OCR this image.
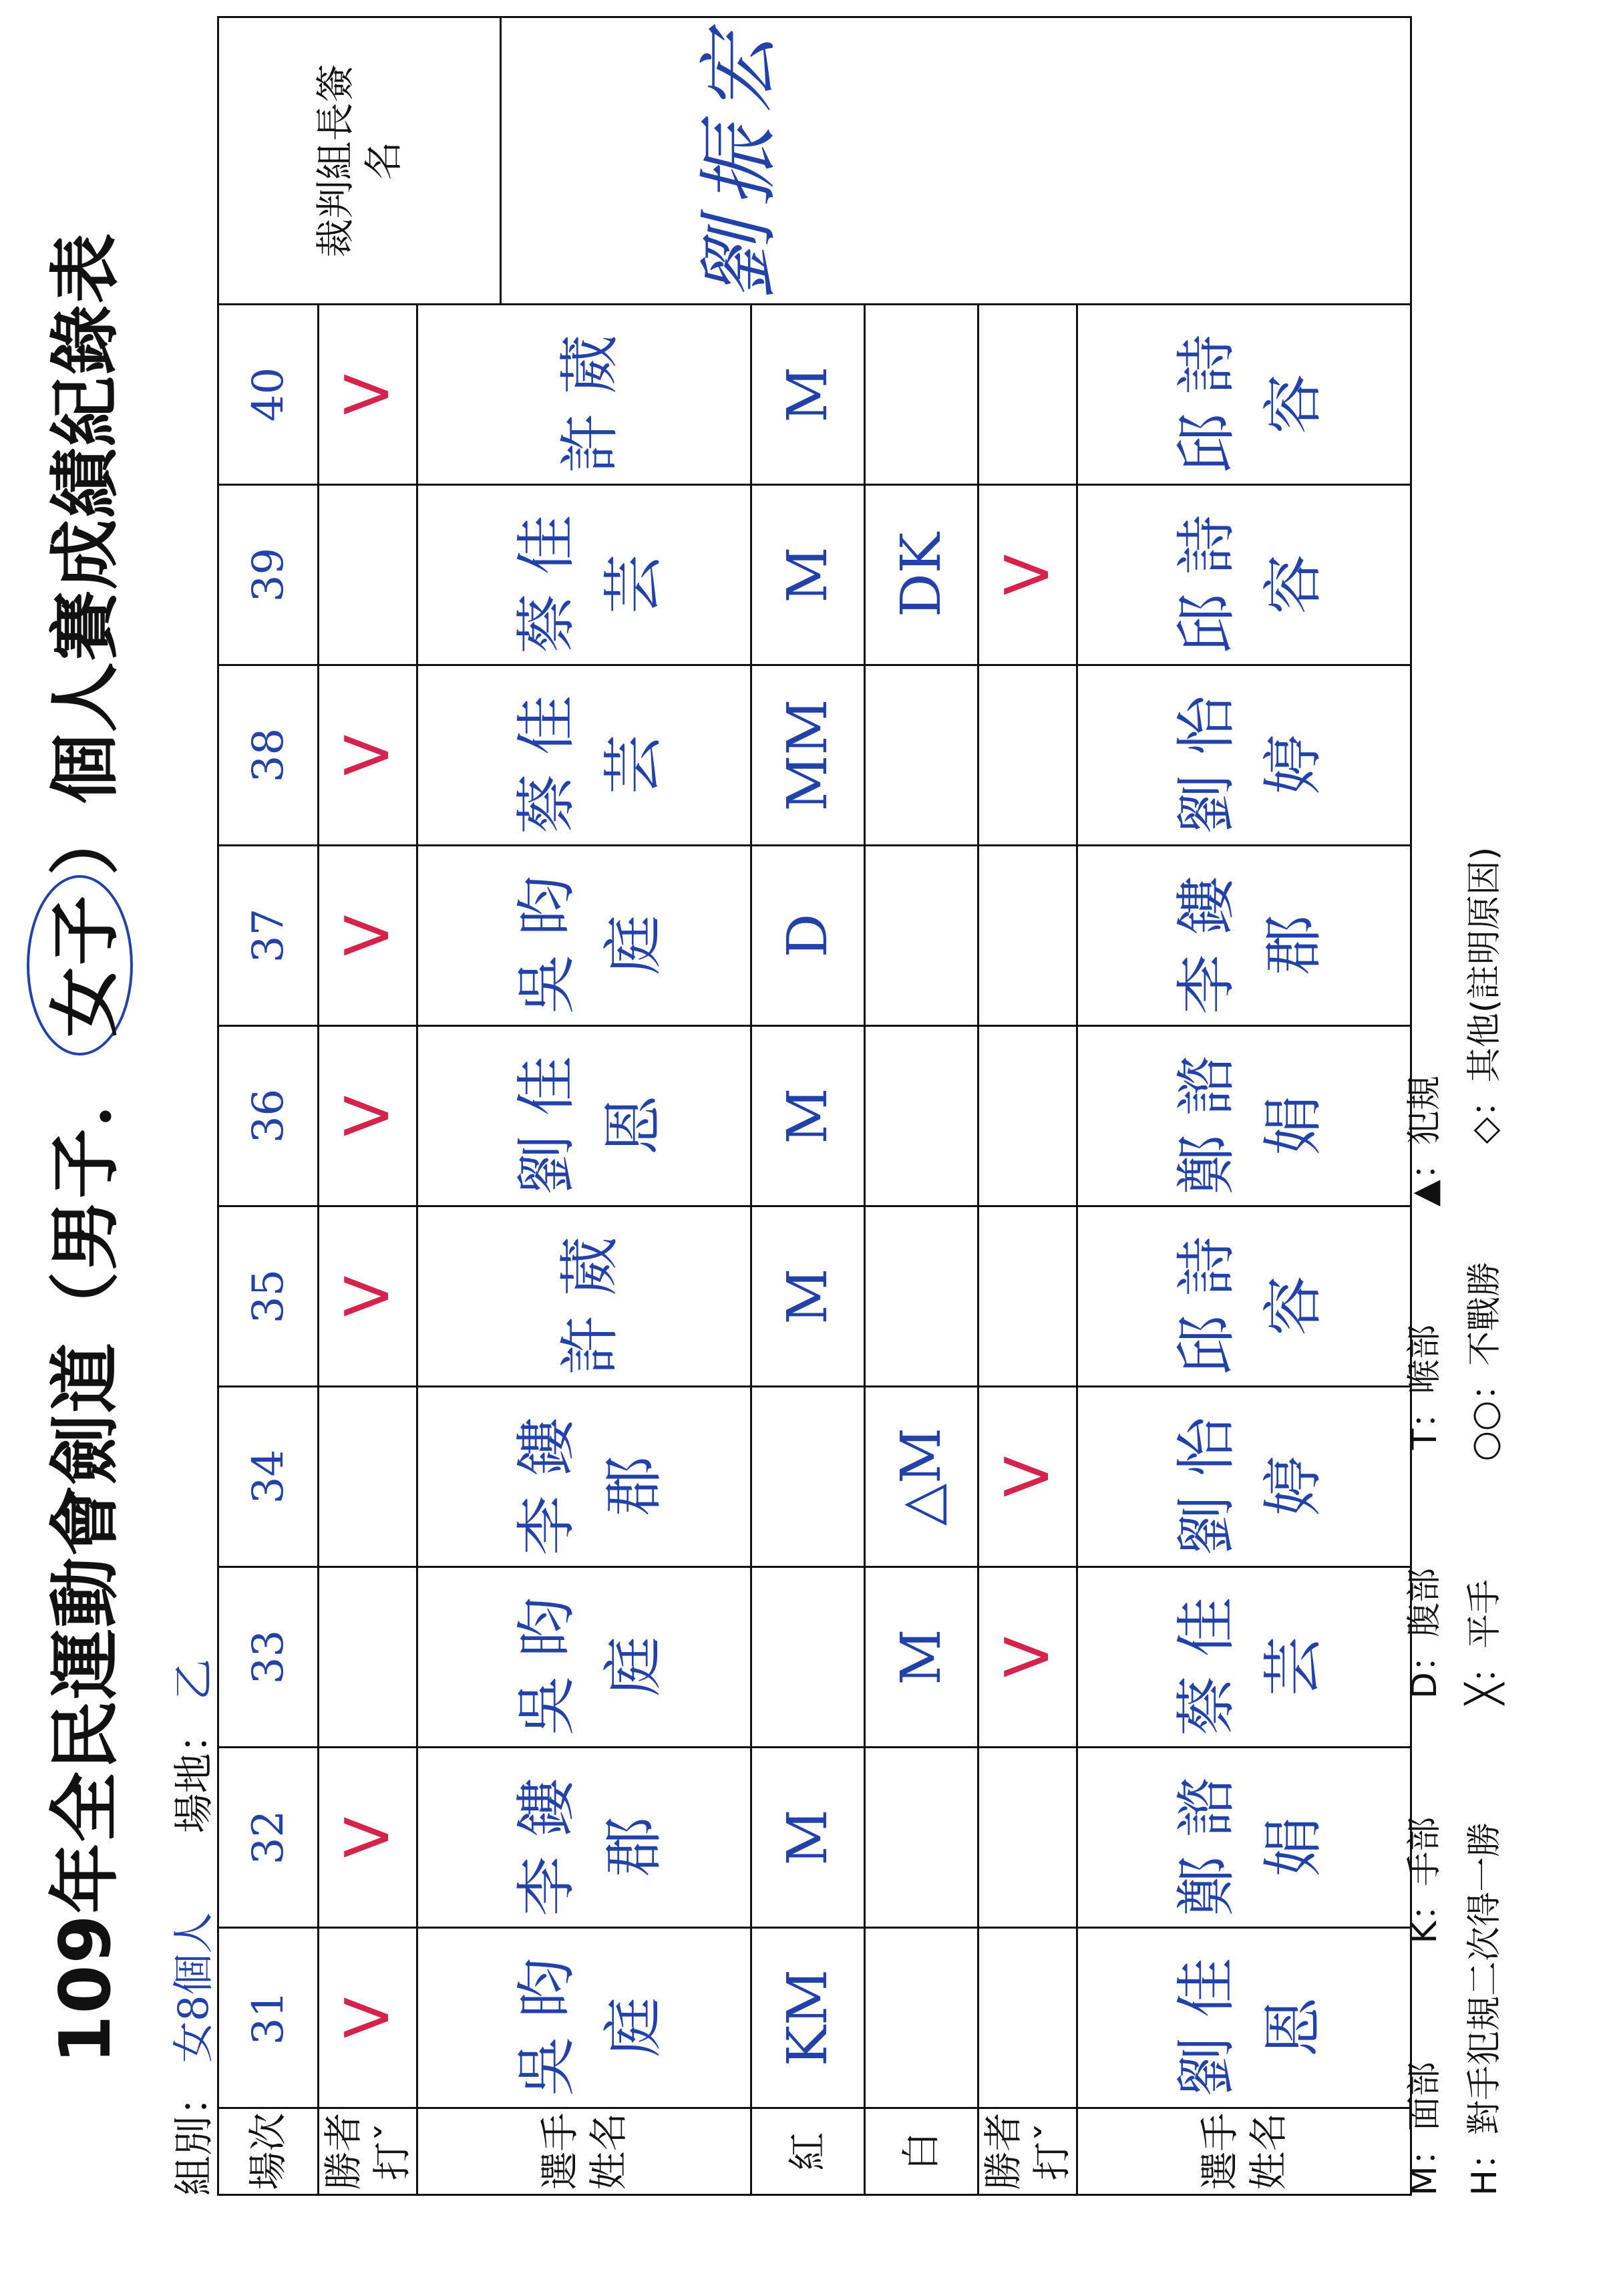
109年全民運動會劍道（男子．女子）個人賽成績紀錄表
組別： 女8個人  場地： 乙
場次	31	32	33	34	35	36	37	38	39	40	裁判組長簽名 劉振宏

勝者打ˇ	V	V			V	V	V	V		V	
選手姓名	吳昀庭	李鏤郡	吳昀庭	李鏤郡	許葳	劉佳恩	吳昀庭	蔡佳芸	蔡佳芸	許葳	
紅	KM	M			M	M	D	MM	M	M	
白			M	△M					DK		
勝者打ˇ			V	V					V		
選手姓名	劉佳恩	鄭諮娟	蔡佳芸	劉怡婷	邱詩容	鄭諮娟	李鏤郡	劉怡婷	邱詩容	邱詩容	
M：面部 K：手部 D：腹部 T：喉部 ▲：犯規
H：對手犯規二次得一勝 ╳：平手 ○○：不戰勝 ◇：其他(註明原因)
